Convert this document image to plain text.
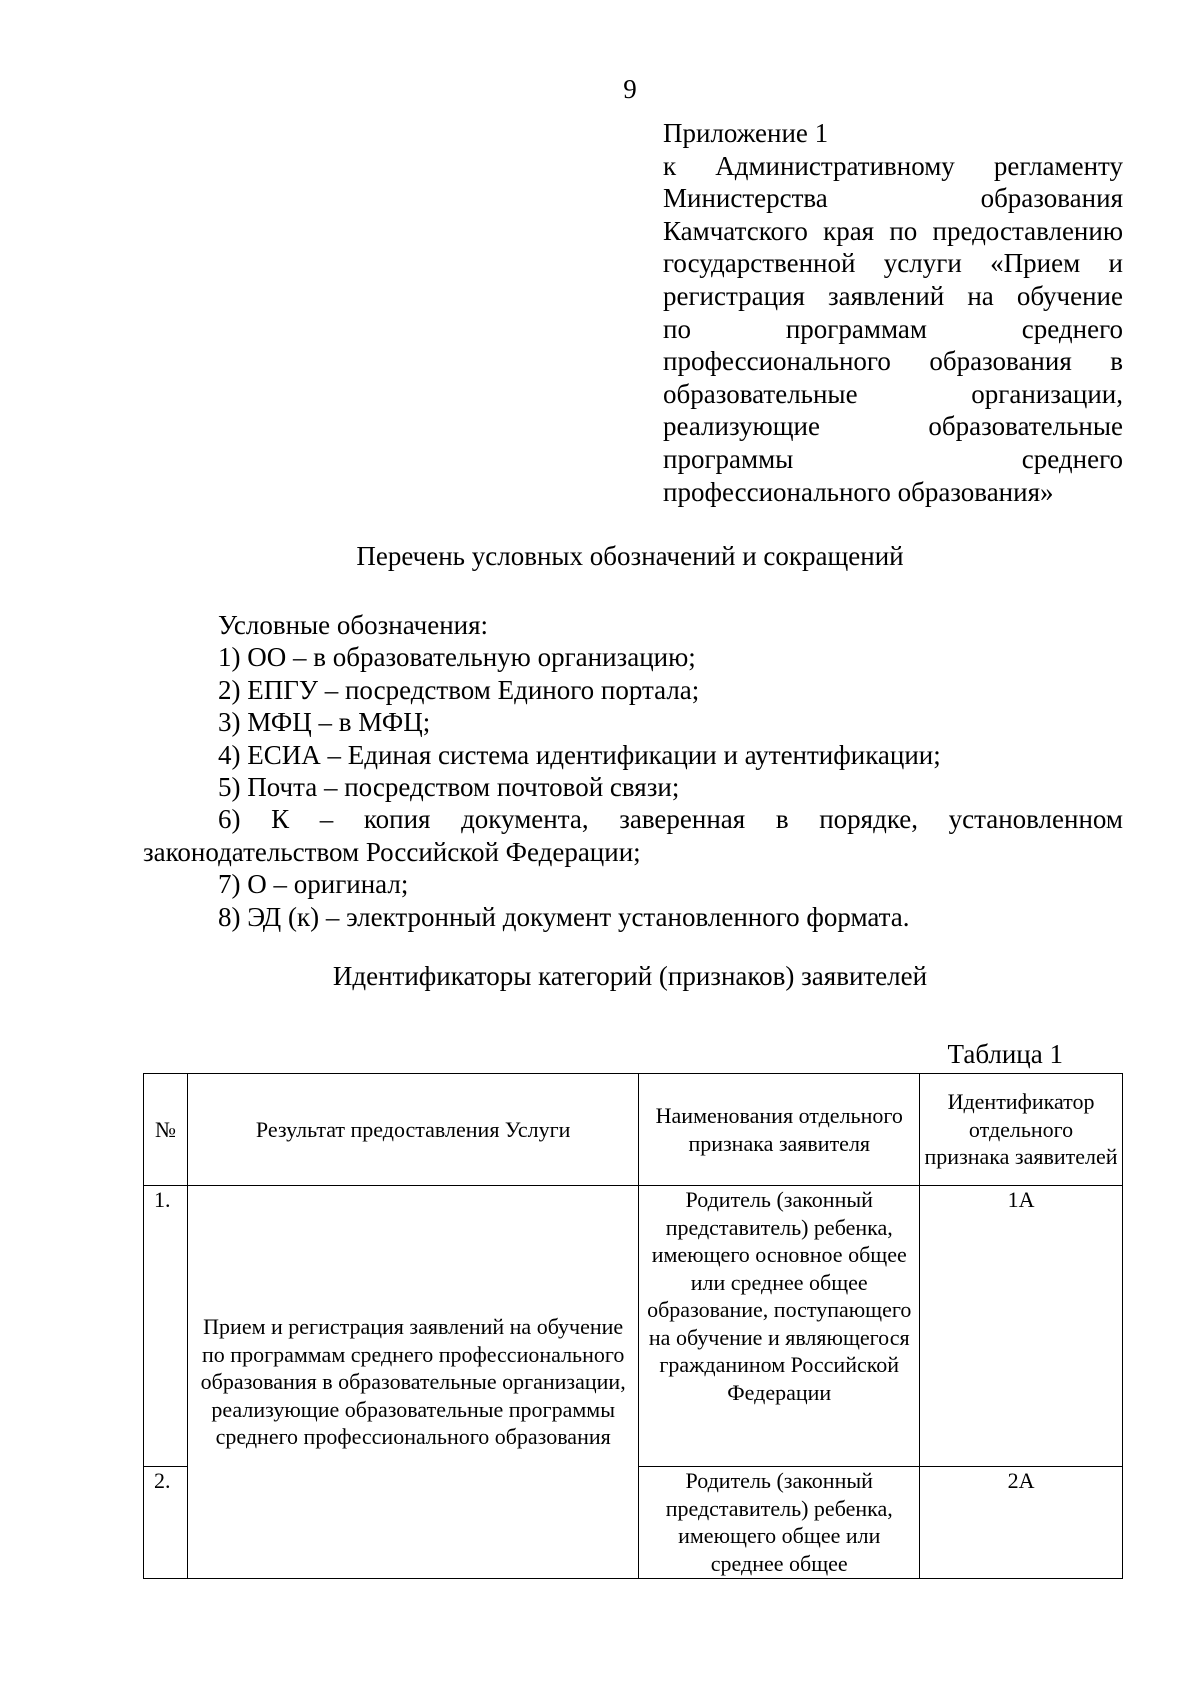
9
Приложение 1
к Административному регламенту
Министерства образования
Камчатского края по предоставлению
государственной услуги «Прием и
регистрация заявлений на обучение
по программам среднего
профессионального образования в
образовательные организации,
реализующие образовательные
программы среднего
профессионального образования»
Перечень условных обозначений и сокращений
Условные обозначения:
1) ОО – в образовательную организацию;
2) ЕПГУ – посредством Единого портала;
3) МФЦ – в МФЦ;
4) ЕСИА – Единая система идентификации и аутентификации;
5) Почта – посредством почтовой связи;
6) К – копия документа, заверенная в порядке, установленном законодательством Российской Федерации;
7) О – оригинал;
8) ЭД (к) – электронный документ установленного формата.
Идентификаторы категорий (признаков) заявителей
Таблица 1
№	Результат предоставления Услуги	Наименования отдельного признака заявителя	Идентификатор отдельного признака заявителей
1.	Прием и регистрация заявлений на обучение по программам среднего профессионального образования в образовательные организации, реализующие образовательные программы среднего профессионального образования	Родитель (законный представитель) ребенка, имеющего основное общее или среднее общее образование, поступающего на обучение и являющегося гражданином Российской Федерации	1А
2.		Родитель (законный представитель) ребенка, имеющего общее или среднее общее	2А
